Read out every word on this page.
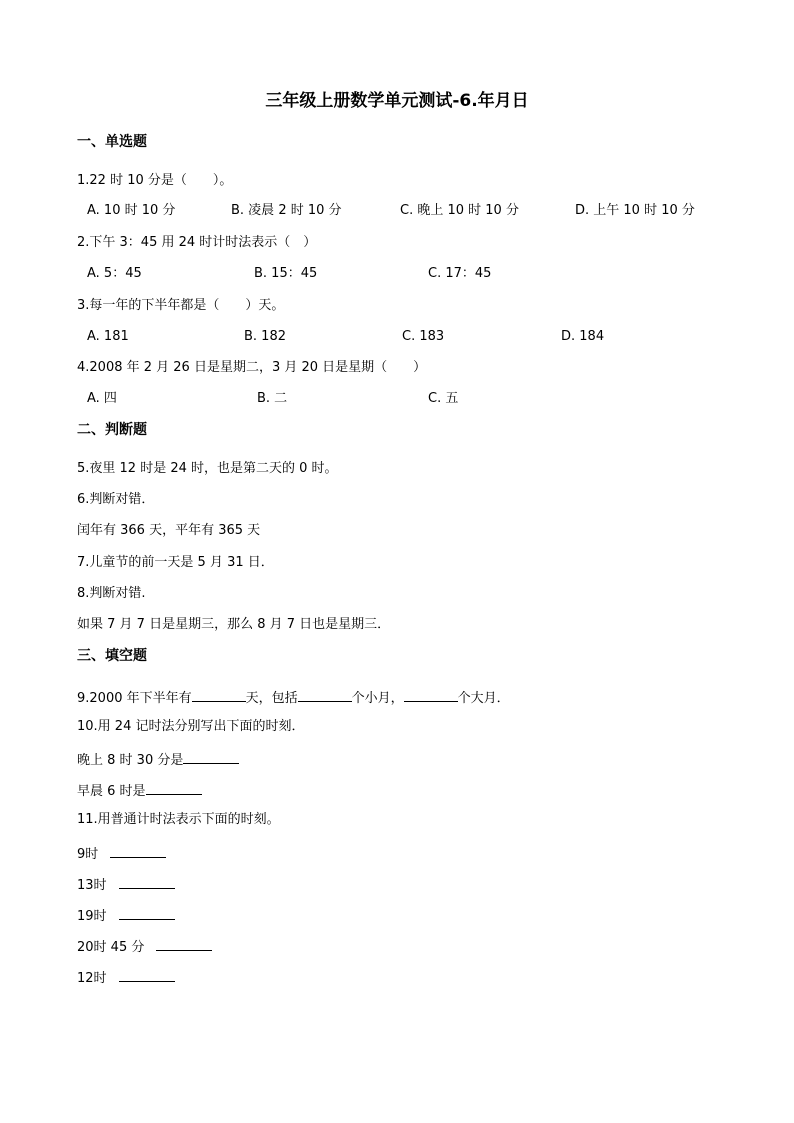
三年级上册数学单元测试-6.年月日
一、单选题
1.22 时 10 分是（　　）。
A. 10 时 10 分	B. 凌晨 2 时 10 分	C. 晚上 10 时 10 分	D. 上午 10 时 10 分
2.下午 3：45 用 24 时计时法表示（　）
A. 5：45	B. 15：45	C. 17：45
3.每一年的下半年都是（　　）天。
A. 181	B. 182	C. 183	D. 184
4.2008 年 2 月 26 日是星期二，3 月 20 日是星期（　　）
A. 四	B. 二	C. 五
二、判断题
5.夜里 12 时是 24 时，也是第二天的 0 时。
6.判断对错．
闰年有 366 天，平年有 365 天
7.儿童节的前一天是 5 月 31 日．
8.判断对错.
如果 7 月 7 日是星期三，那么 8 月 7 日也是星期三．
三、填空题
9.2000 年下半年有	天，包括	个小月，	个大月．
10.用 24 记时法分别写出下面的时刻．
晚上 8 时 30 分是
早晨 6 时是
11.用普通计时法表示下面的时刻。
9时
13时
19时
20时 45 分
12时
